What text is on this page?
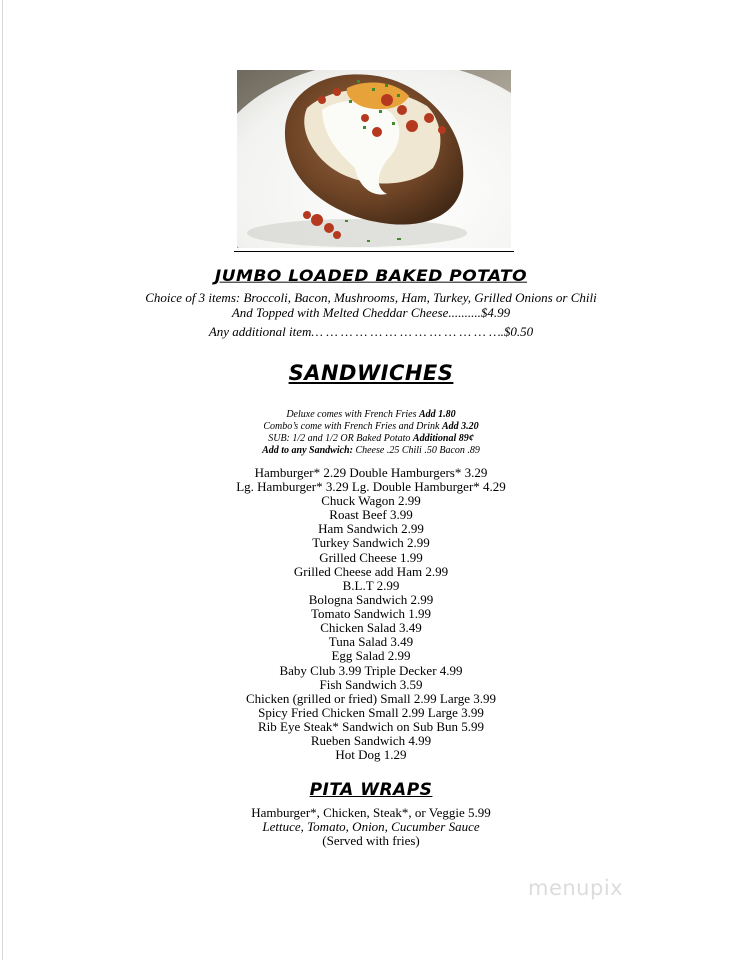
JUMBO LOADED BAKED POTATO
Choice of 3 items: Broccoli, Bacon, Mushrooms, Ham, Turkey, Grilled Onions or Chili
And Topped with Melted Cheddar Cheese..........$4.99
Any additional item… … … … … … … … … … … … ….$0.50
SANDWICHES
Deluxe comes with French Fries Add 1.80
Combo’s come with French Fries and Drink Add 3.20
SUB: 1/2 and 1/2 OR Baked Potato Additional 89¢
Add to any Sandwich: Cheese .25 Chili .50 Bacon .89
Hamburger* 2.29 Double Hamburgers* 3.29
Lg. Hamburger* 3.29 Lg. Double Hamburger* 4.29
Chuck Wagon 2.99
Roast Beef 3.99
Ham Sandwich 2.99
Turkey Sandwich 2.99
Grilled Cheese 1.99
Grilled Cheese add Ham 2.99
B.L.T 2.99
Bologna Sandwich 2.99
Tomato Sandwich 1.99
Chicken Salad 3.49
Tuna Salad 3.49
Egg Salad 2.99
Baby Club 3.99 Triple Decker 4.99
Fish Sandwich 3.59
Chicken (grilled or fried) Small 2.99 Large 3.99
Spicy Fried Chicken Small 2.99 Large 3.99
Rib Eye Steak* Sandwich on Sub Bun 5.99
Rueben Sandwich 4.99
Hot Dog 1.29
PITA WRAPS
Hamburger*, Chicken, Steak*, or Veggie 5.99
Lettuce, Tomato, Onion, Cucumber Sauce
(Served with fries)
menupix
